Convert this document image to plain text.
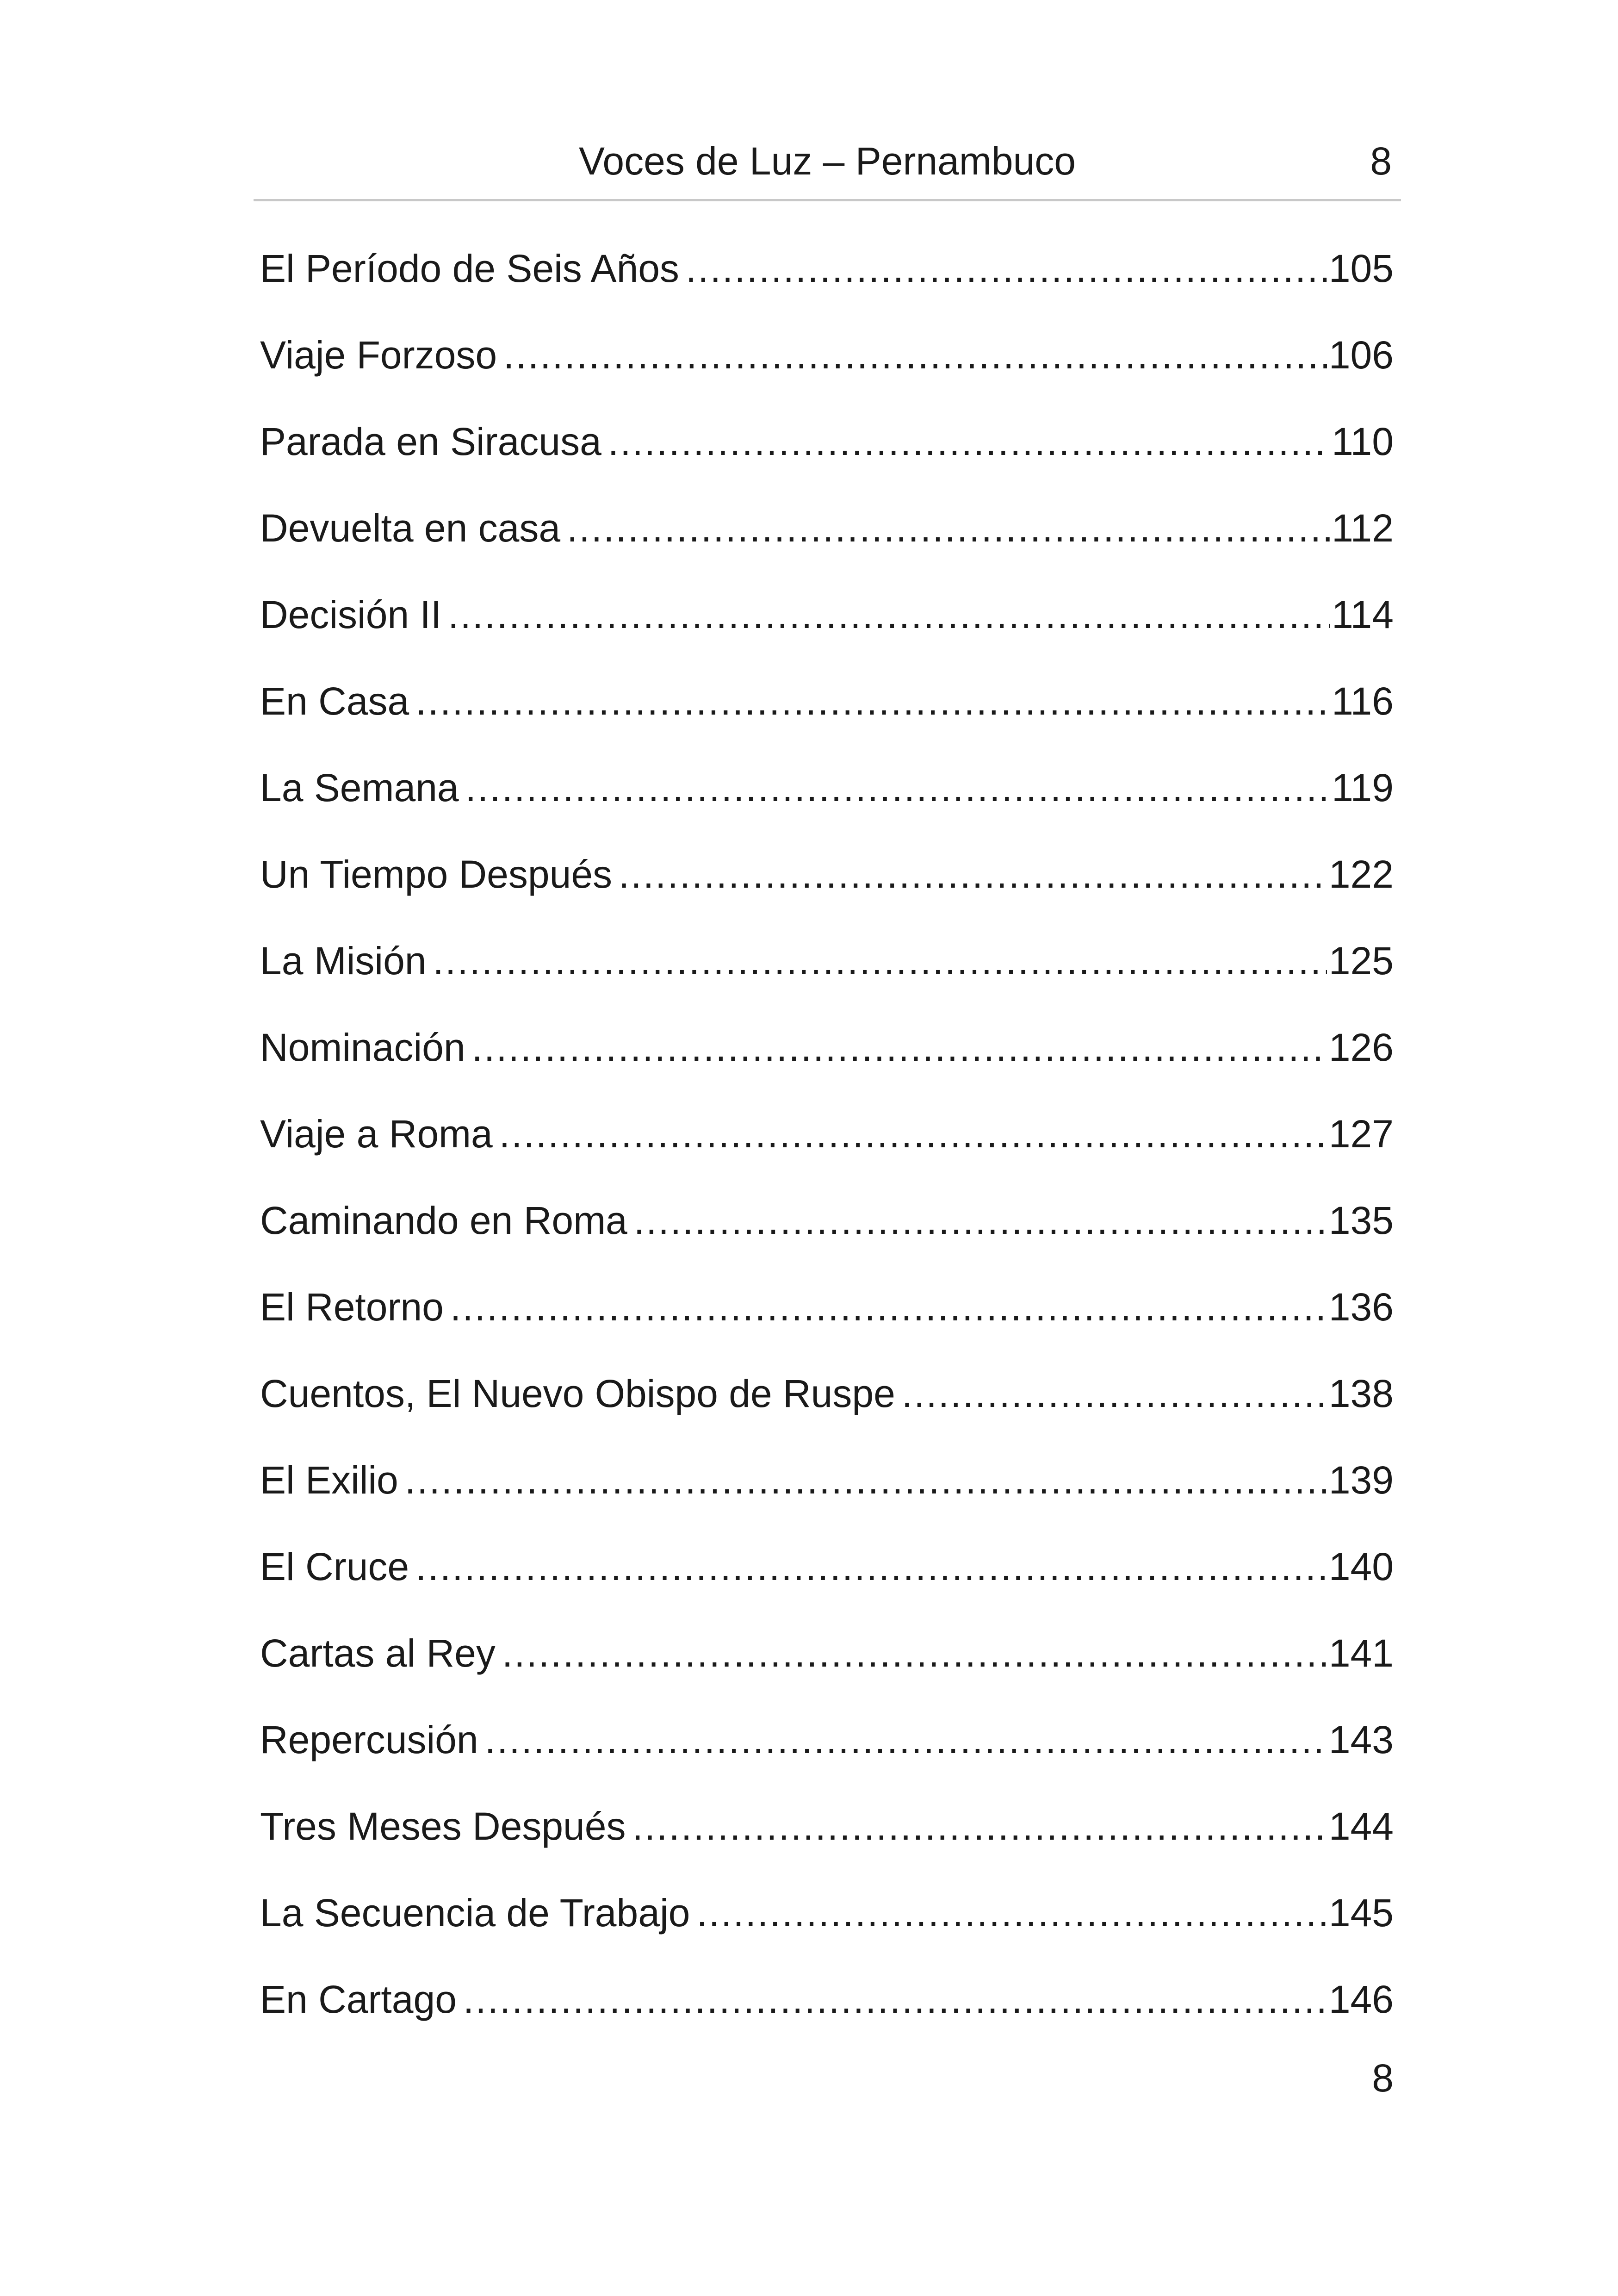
Voces de Luz – Pernambuco	8
El Período de Seis Años .....	105
Viaje Forzoso .....	106
Parada en Siracusa .....	110
Devuelta en casa .....	112
Decisión II .....	114
En Casa .....	116
La Semana .....	119
Un Tiempo Después .....	122
La Misión .....	125
Nominación .....	126
Viaje a Roma .....	127
Caminando en Roma .....	135
El Retorno .....	136
Cuentos, El Nuevo Obispo de Ruspe .....	138
El Exilio .....	139
El Cruce .....	140
Cartas al Rey .....	141
Repercusión .....	143
Tres Meses Después .....	144
La Secuencia de Trabajo .....	145
En Cartago .....	146
8
